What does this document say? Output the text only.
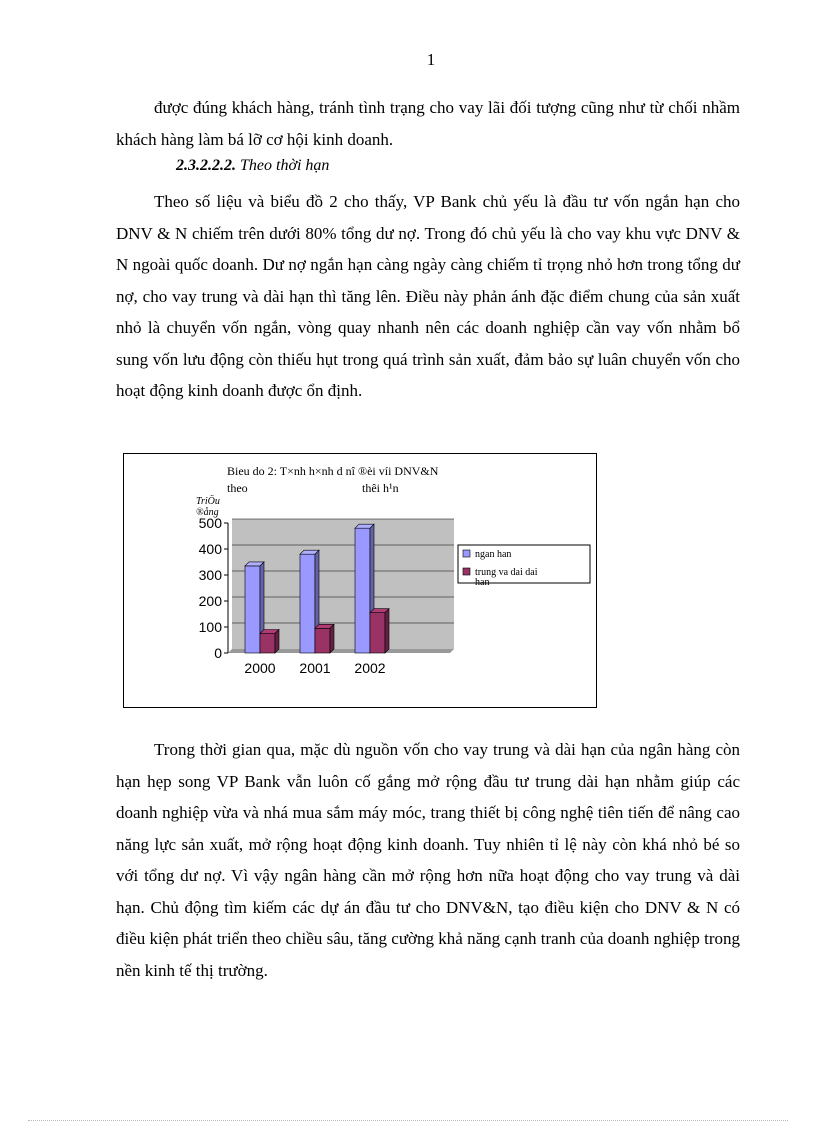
1

được đúng khách hàng, tránh tình trạng cho vay lãi đối tượng cũng như từ chối nhầm khách hàng làm bá lỡ cơ hội kinh doanh.

2.3.2.2.2. Theo thời hạn

Theo số liệu và biểu đồ 2 cho thấy, VP Bank chủ yếu là đầu tư vốn ngắn hạn cho DNV & N chiếm trên dưới 80% tổng dư nợ. Trong đó chủ yếu là cho vay khu vực DNV & N ngoài quốc doanh. Dư nợ ngắn hạn càng ngày càng chiếm tỉ trọng nhỏ hơn trong tổng dư nợ, cho vay trung và dài hạn thì tăng lên. Điều này phản ánh đặc điểm chung của sản xuất nhỏ là chuyển vốn ngắn, vòng quay nhanh nên các doanh nghiệp cần vay vốn nhằm bổ sung vốn lưu động còn thiếu hụt trong quá trình sản xuất, đảm bảo sự luân chuyển vốn cho hoạt động kinh doanh được ổn định.

Bieu do 2: T×nh h×nh d nî ®èi víi DNV&N
theo	thêi h¹n
TriÖu
®ång
0
100
200
300
400
500
2000 2001 2002
ngan han
trung va dai dai
han

Trong thời gian qua, mặc dù nguồn vốn cho vay trung và dài hạn của ngân hàng còn hạn hẹp song VP Bank vẫn luôn cố gắng mở rộng đầu tư trung dài hạn nhằm giúp các doanh nghiệp vừa và nhá mua sắm máy móc, trang thiết bị công nghệ tiên tiến để nâng cao năng lực sản xuất, mở rộng hoạt động kinh doanh. Tuy nhiên tỉ lệ này còn khá nhỏ bé so với tổng dư nợ. Vì vậy ngân hàng cần mở rộng hơn nữa hoạt động cho vay trung và dài hạn. Chủ động tìm kiếm các dự án đầu tư cho DNV&N, tạo điều kiện cho DNV & N có điều kiện phát triển theo chiều sâu, tăng cường khả năng cạnh tranh của doanh nghiệp trong nền kinh tế thị trường.
